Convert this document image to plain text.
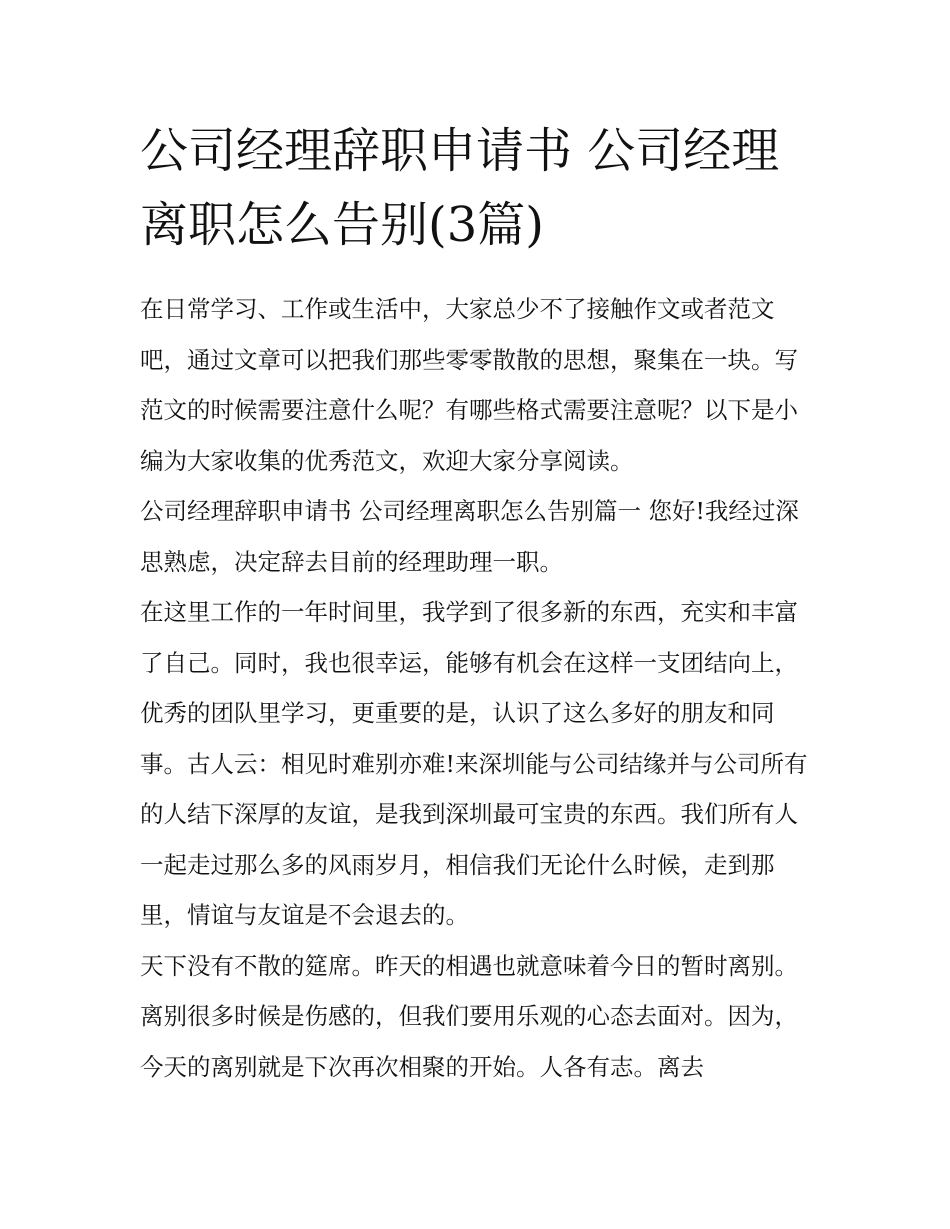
公司经理辞职申请书 公司经理离职怎么告别(3篇)

在日常学习、工作或生活中，大家总少不了接触作文或者范文吧，通过文章可以把我们那些零零散散的思想，聚集在一块。写范文的时候需要注意什么呢？有哪些格式需要注意呢？以下是小编为大家收集的优秀范文，欢迎大家分享阅读。

公司经理辞职申请书 公司经理离职怎么告别篇一 您好!我经过深思熟虑，决定辞去目前的经理助理一职。

在这里工作的一年时间里，我学到了很多新的东西，充实和丰富了自己。同时，我也很幸运，能够有机会在这样一支团结向上，优秀的团队里学习，更重要的是，认识了这么多好的朋友和同事。古人云：相见时难别亦难!来深圳能与公司结缘并与公司所有的人结下深厚的友谊，是我到深圳最可宝贵的东西。我们所有人一起走过那么多的风雨岁月，相信我们无论什么时候，走到那里，情谊与友谊是不会退去的。

天下没有不散的筵席。昨天的相遇也就意味着今日的暂时离别。离别很多时候是伤感的，但我们要用乐观的心态去面对。因为，今天的离别就是下次再次相聚的开始。人各有志。离去
